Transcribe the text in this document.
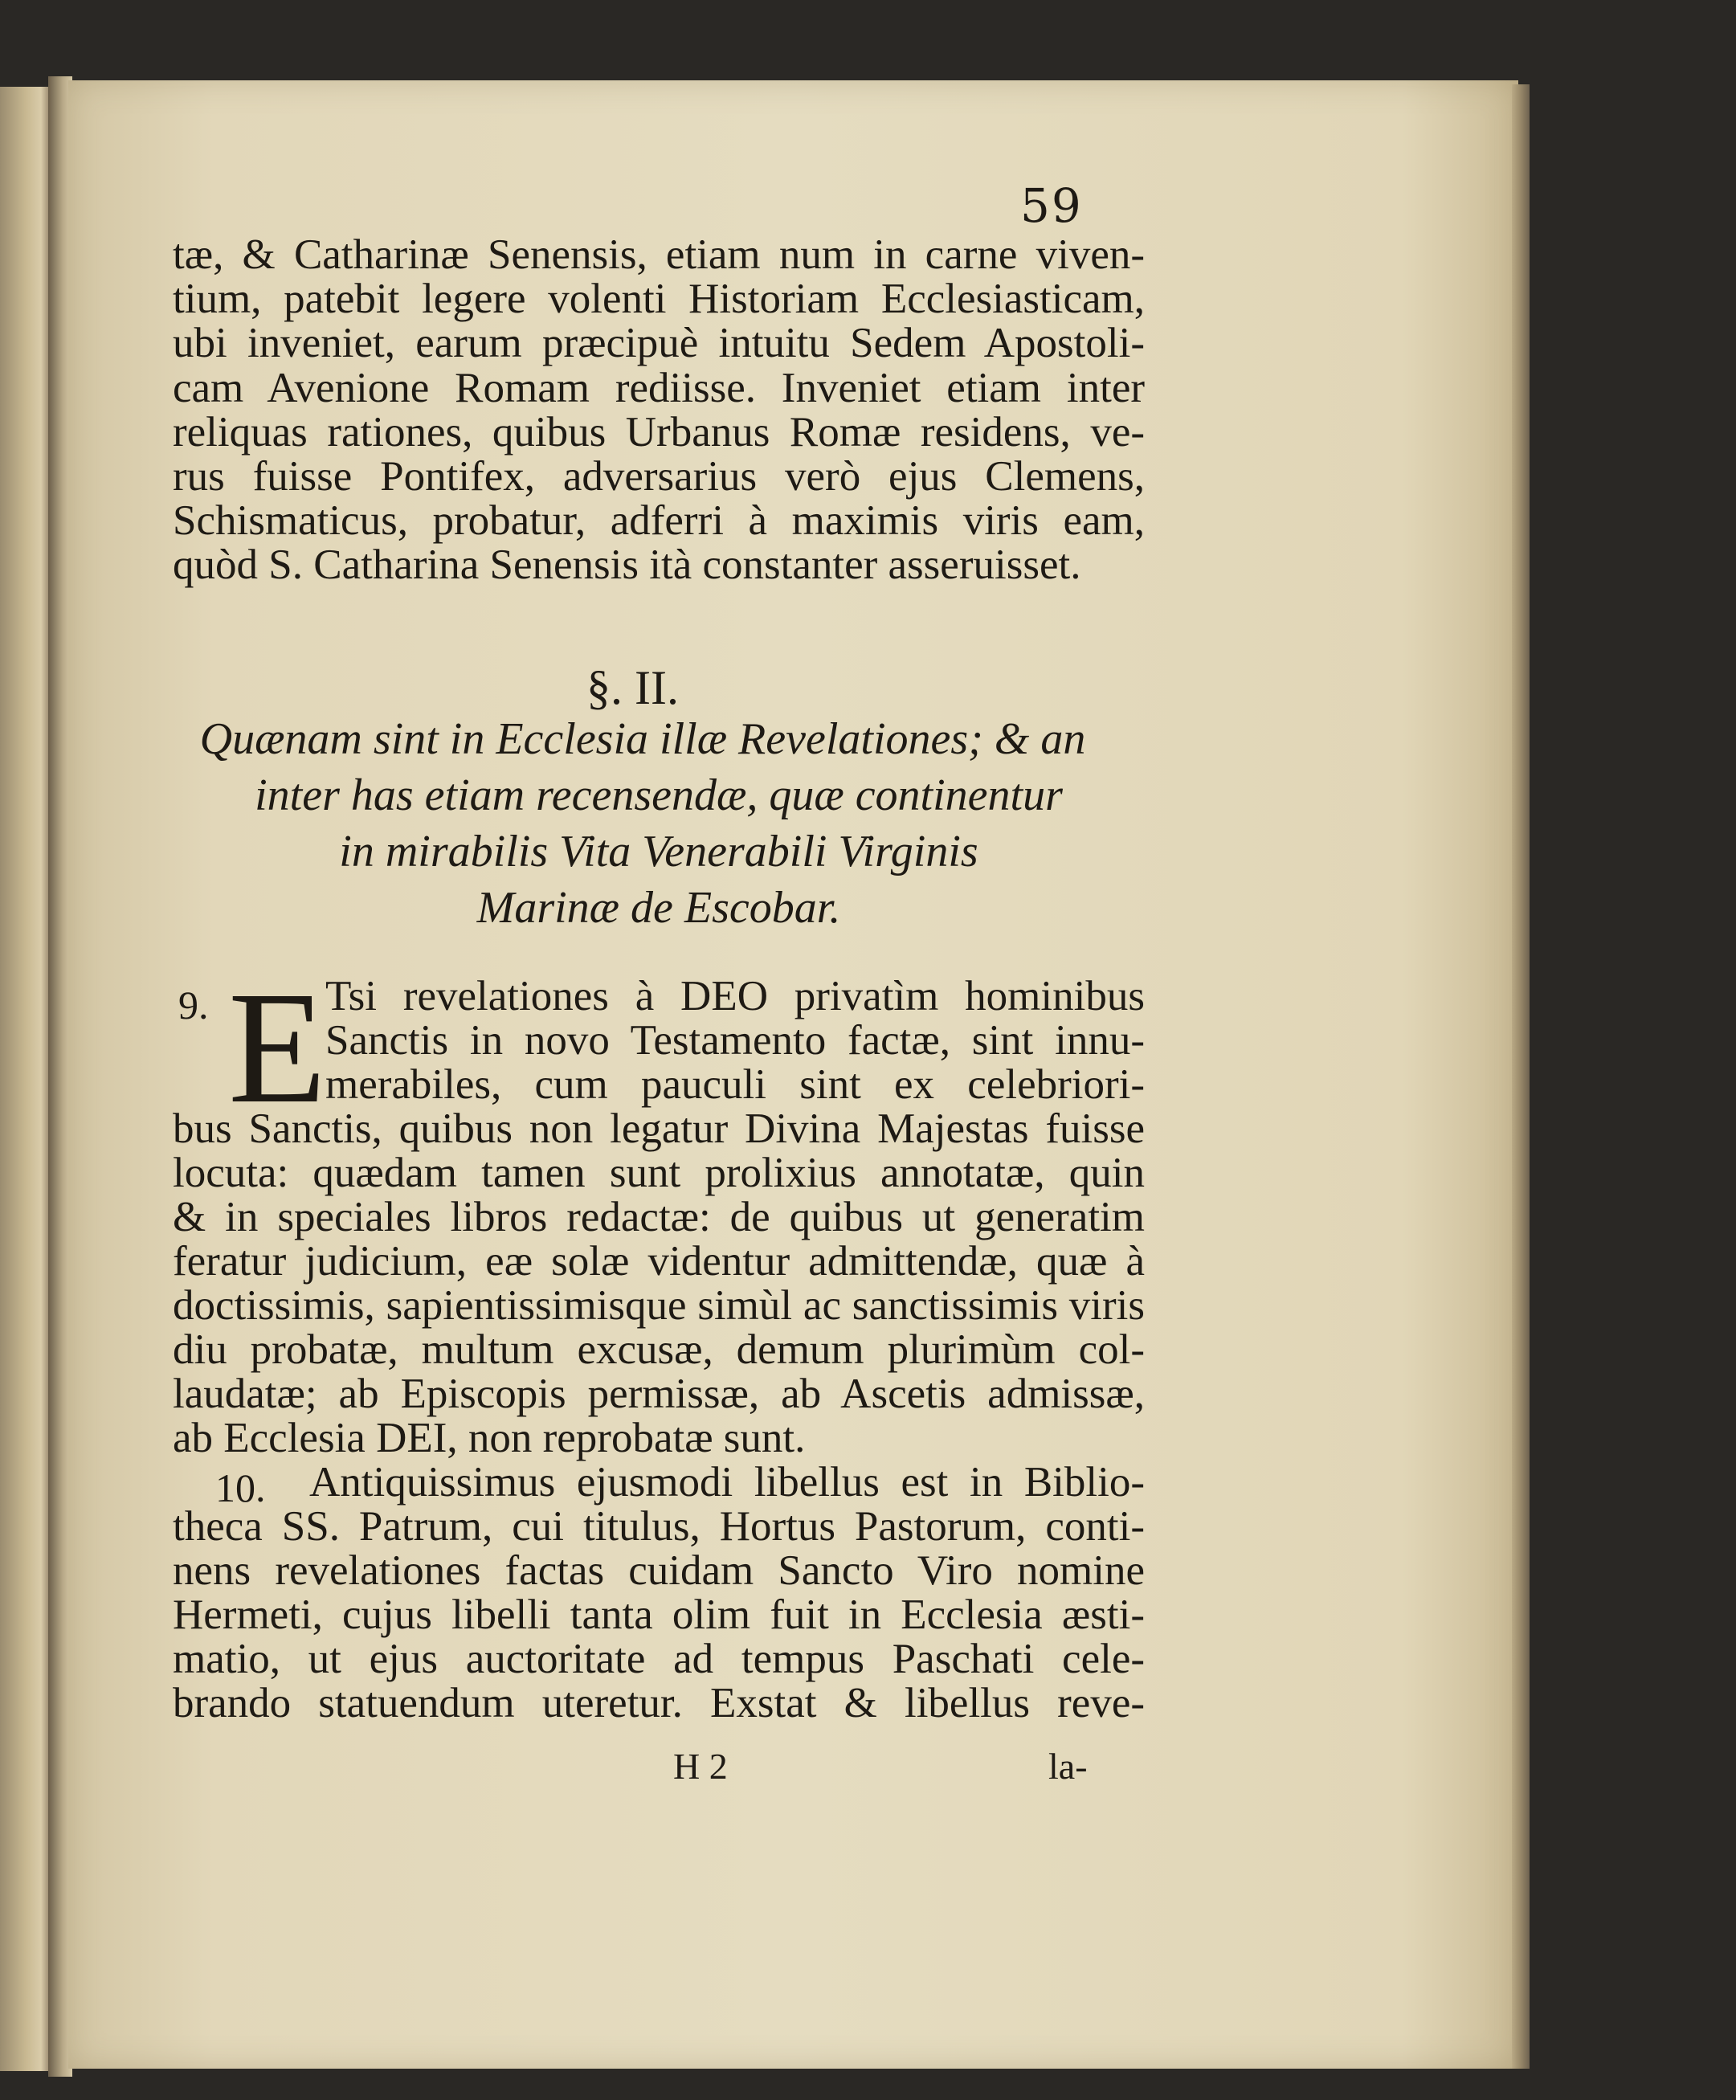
59
tæ, & Catharinæ Senensis, etiam num in carne viven-
tium, patebit legere volenti Historiam Ecclesiasticam,
ubi inveniet, earum præcipuè intuitu Sedem Apostoli-
cam Avenione Romam rediisse. Inveniet etiam inter
reliquas rationes, quibus Urbanus Romæ residens, ve-
rus fuisse Pontifex, adversarius verò ejus Clemens,
Schismaticus, probatur, adferri à maximis viris eam,
quòd S. Catharina Senensis ità constanter asseruisset.
§. II.
Quænam sint in Ecclesia illæ Revelationes; & an
inter has etiam recensendæ, quæ continentur
in mirabilis Vita Venerabili Virginis
Marinæ de Escobar.
9. E
Tsi revelationes à DEO privatìm hominibus
Sanctis in novo Testamento factæ, sint innu-
merabiles, cum pauculi sint ex celebriori-
bus Sanctis, quibus non legatur Divina Majestas fuisse
locuta: quædam tamen sunt prolixius annotatæ, quin
& in speciales libros redactæ: de quibus ut generatim
feratur judicium, eæ solæ videntur admittendæ, quæ à
doctissimis, sapientissimisque simùl ac sanctissimis viris
diu probatæ, multum excusæ, demum plurimùm col-
laudatæ; ab Episcopis permissæ, ab Ascetis admissæ,
ab Ecclesia DEI, non reprobatæ sunt.
10. Antiquissimus ejusmodi libellus est in Biblio-
theca SS. Patrum, cui titulus, Hortus Pastorum, conti-
nens revelationes factas cuidam Sancto Viro nomine
Hermeti, cujus libelli tanta olim fuit in Ecclesia æsti-
matio, ut ejus auctoritate ad tempus Paschati cele-
brando statuendum uteretur. Exstat & libellus reve-
H 2	la-
